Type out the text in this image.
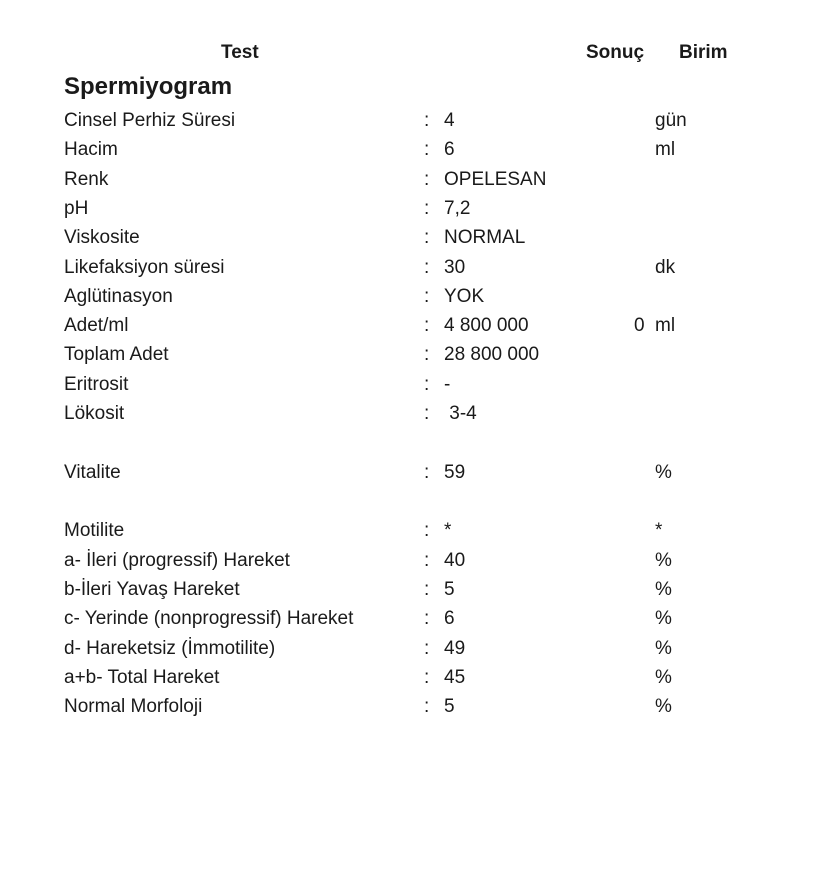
Test	Sonuç Birim
Spermiyogram
Cinsel Perhiz Süresi	: 4	gün
Hacim	: 6	ml
Renk	: OPELESAN
pH	: 7,2
Viskosite	: NORMAL
Likefaksiyon süresi	: 30	dk
Aglütinasyon	: YOK
Adet/ml	: 4 800 000	0 ml
Toplam Adet	: 28 800 000
Eritrosit	: -
Lökosit	: 3-4
Vitalite	: 59	%
Motilite	: *	*
a- İleri (progressif) Hareket	: 40	%
b-İleri Yavaş Hareket	: 5	%
c- Yerinde (nonprogressif) Hareket	: 6	%
d- Hareketsiz (İmmotilite)	: 49	%
a+b- Total Hareket	: 45	%
Normal Morfoloji	: 5	%
